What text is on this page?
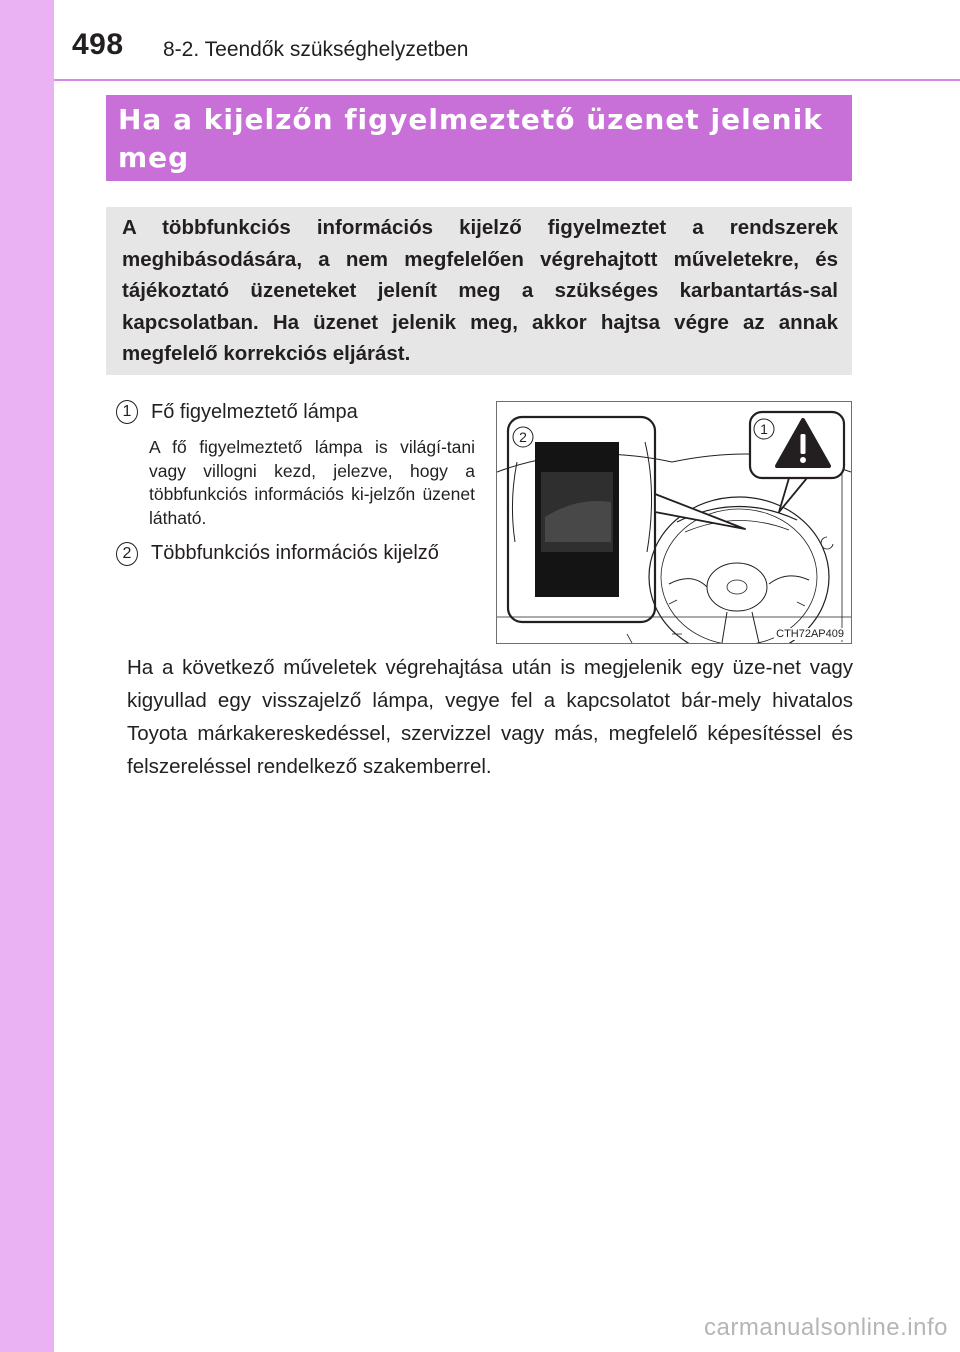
498 8-2. Teendők szükséghelyzetben
Ha a kijelzőn figyelmeztető üzenet jelenik meg
A többfunkciós információs kijelző figyelmeztet a rendszerek meghibásodására, a nem megfelelően végrehajtott műveletekre, és tájékoztató üzeneteket jelenít meg a szükséges karbantartás-sal kapcsolatban. Ha üzenet jelenik meg, akkor hajtsa végre az annak megfelelő korrekciós eljárást.
1 Fő figyelmeztető lámpa
A fő figyelmeztető lámpa is világí-tani vagy villogni kezd, jelezve, hogy a többfunkciós információs ki-jelzőn üzenet látható.
2 Többfunkciós információs kijelző
1
2
CTH72AP409
Ha a következő műveletek végrehajtása után is megjelenik egy üze-net vagy kigyullad egy visszajelző lámpa, vegye fel a kapcsolatot bár-mely hivatalos Toyota márkakereskedéssel, szervizzel vagy más, megfelelő képesítéssel és felszereléssel rendelkező szakemberrel.
carmanualsonline.info
